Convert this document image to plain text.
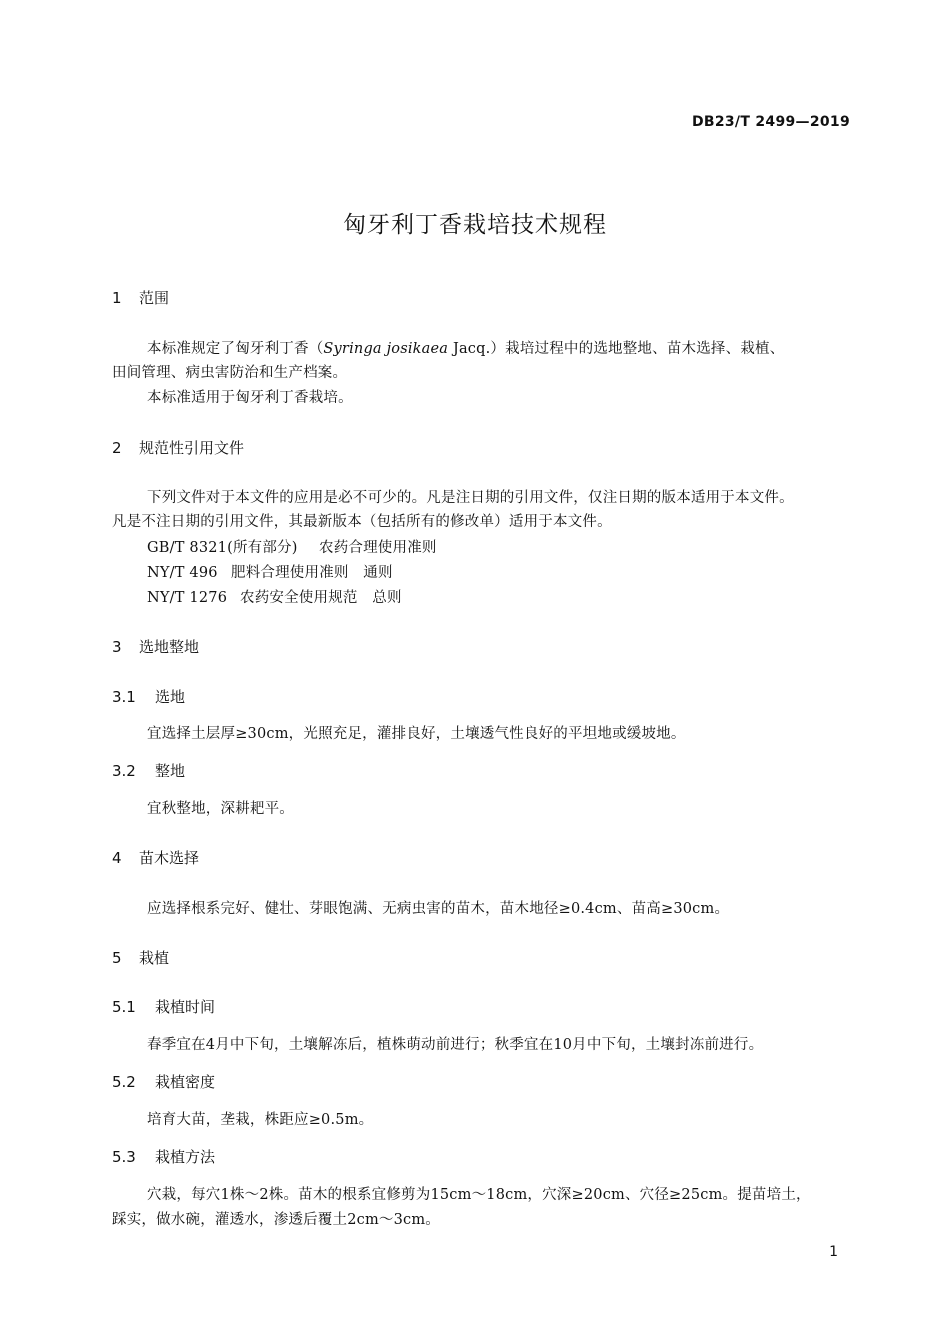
DB23/T 2499—2019
匈牙利丁香栽培技术规程
1 范围
本标准规定了匈牙利丁香（Syringa josikaea Jacq.）栽培过程中的选地整地、苗木选择、栽植、
田间管理、病虫害防治和生产档案。
本标准适用于匈牙利丁香栽培。
2 规范性引用文件
下列文件对于本文件的应用是必不可少的。凡是注日期的引用文件，仅注日期的版本适用于本文件。
凡是不注日期的引用文件，其最新版本（包括所有的修改单）适用于本文件。
GB/T 8321(所有部分) 农药合理使用准则
NY/T 496 肥料合理使用准则　通则
NY/T 1276 农药安全使用规范　总则
3 选地整地
3.1 选地
宜选择土层厚≥30cm，光照充足，灌排良好，土壤透气性良好的平坦地或缓坡地。
3.2 整地
宜秋整地，深耕耙平。
4 苗木选择
应选择根系完好、健壮、芽眼饱满、无病虫害的苗木，苗木地径≥0.4cm、苗高≥30cm。
5 栽植
5.1 栽植时间
春季宜在4月中下旬，土壤解冻后，植株萌动前进行；秋季宜在10月中下旬，土壤封冻前进行。
5.2 栽植密度
培育大苗，垄栽，株距应≥0.5m。
5.3 栽植方法
穴栽，每穴1株～2株。苗木的根系宜修剪为15cm～18cm，穴深≥20cm、穴径≥25cm。提苗培土，
踩实，做水碗，灌透水，渗透后覆土2cm～3cm。
1
